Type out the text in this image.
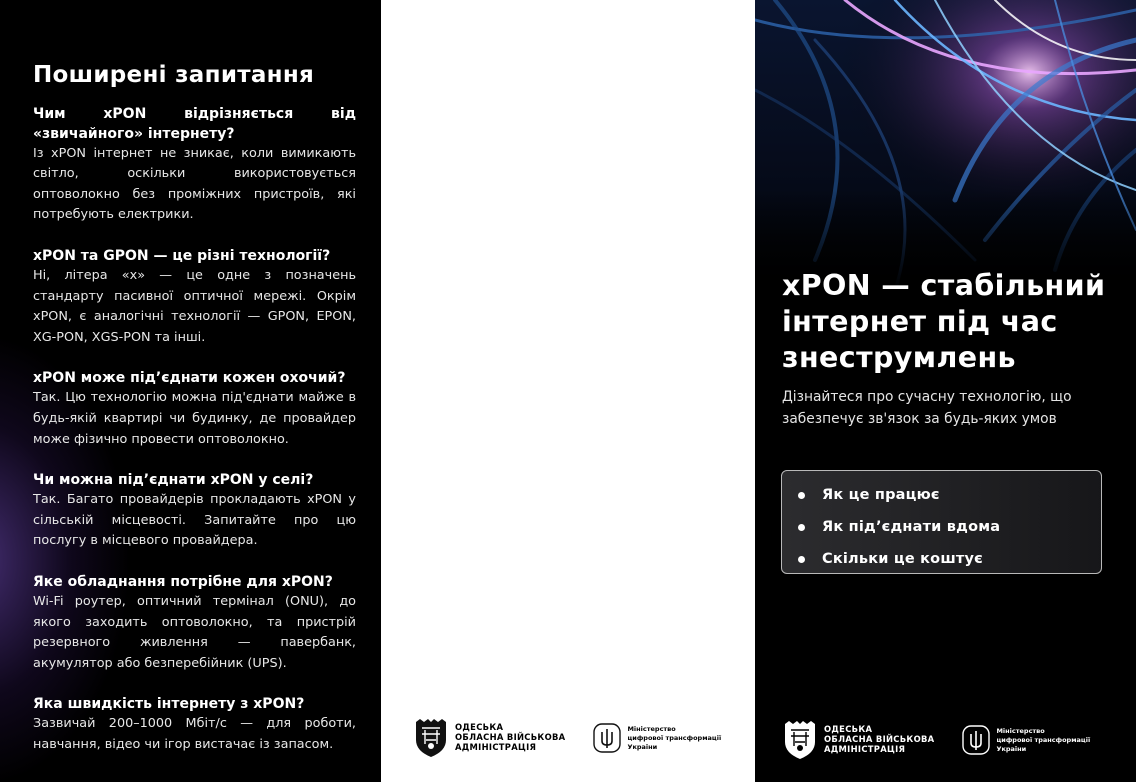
Поширені запитання

Чим xPON відрізняється від «звичайного» інтернету?

Із xPON інтернет не зникає, коли вимикають світло, оскільки використовується оптоволокно без проміжних пристроїв, які потребують електрики.

xPON та GPON — це різні технології?

Ні, літера «x» — це одне з позначень стандарту пасивної оптичної мережі. Окрім xPON, є аналогічні технології — GPON, EPON, XG-PON, XGS-PON та інші.

xPON може під’єднати кожен охочий?

Так. Цю технологію можна під'єднати майже в будь-якій квартирі чи будинку, де провайдер може фізично провести оптоволокно.

Чи можна під’єднати xPON у селі?

Так. Багато провайдерів прокладають xPON у сільській місцевості. Запитайте про цю послугу в місцевого провайдера.

Яке обладнання потрібне для xPON?

Wi-Fi роутер, оптичний термінал (ONU), до якого заходить оптоволокно, та пристрій резервного живлення — павербанк, акумулятор або безперебійник (UPS).

Яка швидкість інтернету з xPON?

Зазвичай 200–1000 Мбіт/с — для роботи, навчання, відео чи ігор вистачає із запасом.

ОДЕСЬКА
ОБЛАСНА ВІЙСЬКОВА
АДМІНІСТРАЦІЯ
Міністерство
цифрової трансформації
України
xPON — стабільний інтернет під час знеструмлень

Дізнайтеся про сучасну технологію, що забезпечує зв'язок за будь-яких умов

Як це працює
Як під’єднати вдома
Скільки це коштує
ОДЕСЬКА
ОБЛАСНА ВІЙСЬКОВА
АДМІНІСТРАЦІЯ
Міністерство
цифрової трансформації
України
